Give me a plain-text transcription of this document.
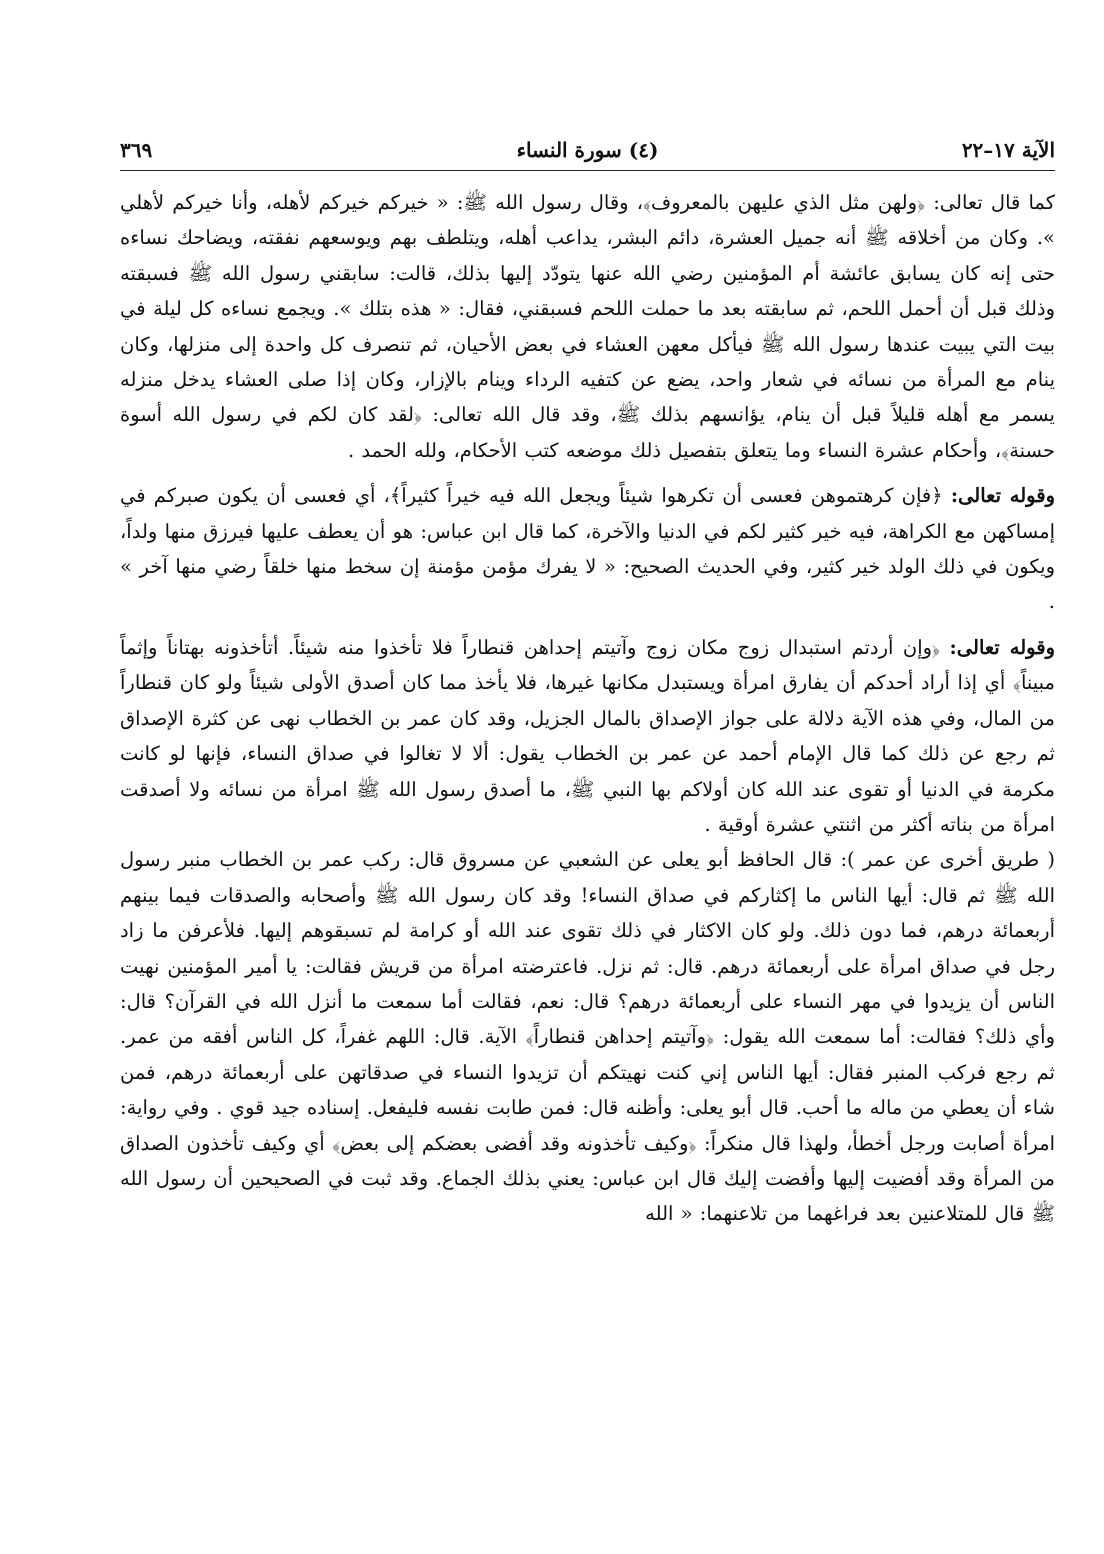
الآية ١٧–٢٢
(٤) سورة النساء
٣٦٩

كما قال تعالى: ﴿ولهن مثل الذي عليهن بالمعروف﴾، وقال رسول الله ﷺ: « خيركم خيركم لأهله، وأنا خيركم لأهلي ». وكان من أخلاقه ﷺ أنه جميل العشرة، دائم البشر، يداعب أهله، ويتلطف بهم ويوسعهم نفقته، ويضاحك نساءه حتى إنه كان يسابق عائشة أم المؤمنين رضي الله عنها يتودّد إليها بذلك، قالت: سابقني رسول الله ﷺ فسبقته وذلك قبل أن أحمل اللحم، ثم سابقته بعد ما حملت اللحم فسبقني، فقال: « هذه بتلك ». ويجمع نساءه كل ليلة في بيت التي يبيت عندها رسول الله ﷺ فيأكل معهن العشاء في بعض الأحيان، ثم تنصرف كل واحدة إلى منزلها، وكان ينام مع المرأة من نسائه في شعار واحد، يضع عن كتفيه الرداء وينام بالإزار، وكان إذا صلى العشاء يدخل منزله يسمر مع أهله قليلاً قبل أن ينام، يؤانسهم بذلك ﷺ، وقد قال الله تعالى: ﴿لقد كان لكم في رسول الله أسوة حسنة﴾، وأحكام عشرة النساء وما يتعلق بتفصيل ذلك موضعه كتب الأحكام، ولله الحمد .

وقوله تعالى: ﴿فإن كرهتموهن فعسى أن تكرهوا شيئاً ويجعل الله فيه خيراً كثيراً﴾، أي فعسى أن يكون صبركم في إمساكهن مع الكراهة، فيه خير كثير لكم في الدنيا والآخرة، كما قال ابن عباس: هو أن يعطف عليها فيرزق منها ولداً، ويكون في ذلك الولد خير كثير، وفي الحديث الصحيح: « لا يفرك مؤمن مؤمنة إن سخط منها خلقاً رضي منها آخر » .

وقوله تعالى: ﴿وإن أردتم استبدال زوج مكان زوج وآتيتم إحداهن قنطاراً فلا تأخذوا منه شيئاً. أتأخذونه بهتاناً وإثماً مبيناً﴾ أي إذا أراد أحدكم أن يفارق امرأة ويستبدل مكانها غيرها، فلا يأخذ مما كان أصدق الأولى شيئاً ولو كان قنطاراً من المال، وفي هذه الآية دلالة على جواز الإصداق بالمال الجزيل، وقد كان عمر بن الخطاب نهى عن كثرة الإصداق ثم رجع عن ذلك كما قال الإمام أحمد عن عمر بن الخطاب يقول: ألا لا تغالوا في صداق النساء، فإنها لو كانت مكرمة في الدنيا أو تقوى عند الله كان أولاكم بها النبي ﷺ، ما أصدق رسول الله ﷺ امرأة من نسائه ولا أصدقت امرأة من بناته أكثر من اثنتي عشرة أوقية .

( طريق أخرى عن عمر ): قال الحافظ أبو يعلى عن الشعبي عن مسروق قال: ركب عمر بن الخطاب منبر رسول الله ﷺ ثم قال: أيها الناس ما إكثاركم في صداق النساء! وقد كان رسول الله ﷺ وأصحابه والصدقات فيما بينهم أربعمائة درهم، فما دون ذلك. ولو كان الاكثار في ذلك تقوى عند الله أو كرامة لم تسبقوهم إليها. فلأعرفن ما زاد رجل في صداق امرأة على أربعمائة درهم. قال: ثم نزل. فاعترضته امرأة من قريش فقالت: يا أمير المؤمنين نهيت الناس أن يزيدوا في مهر النساء على أربعمائة درهم؟ قال: نعم، فقالت أما سمعت ما أنزل الله في القرآن؟ قال: وأي ذلك؟ فقالت: أما سمعت الله يقول: ﴿وآتيتم إحداهن قنطاراً﴾ الآية. قال: اللهم غفراً، كل الناس أفقه من عمر. ثم رجع فركب المنبر فقال: أيها الناس إني كنت نهيتكم أن تزيدوا النساء في صدقاتهن على أربعمائة درهم، فمن شاء أن يعطي من ماله ما أحب. قال أبو يعلى: وأظنه قال: فمن طابت نفسه فليفعل. إسناده جيد قوي . وفي رواية: امرأة أصابت ورجل أخطأ، ولهذا قال منكراً: ﴿وكيف تأخذونه وقد أفضى بعضكم إلى بعض﴾ أي وكيف تأخذون الصداق من المرأة وقد أفضيت إليها وأفضت إليك قال ابن عباس: يعني بذلك الجماع. وقد ثبت في الصحيحين أن رسول الله ﷺ قال للمتلاعنين بعد فراغهما من تلاعنهما: « الله
